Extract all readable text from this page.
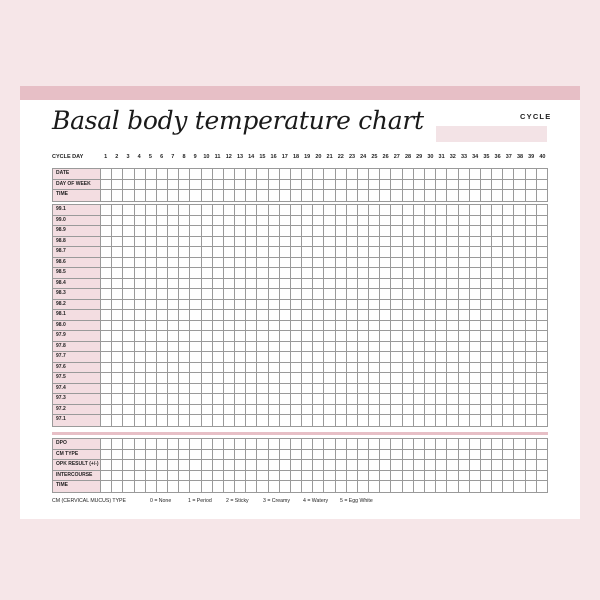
Basal body temperature chart	CYCLE
CYCLE DAY	1	2	3	4	5	6	7	8	9	10 11 12 13 14 15 16 17 18 19 20 21 22 23 24 25 26 27 28 29 30 31 32 33 34 35 36 37 38 39 40
DATE
DAY OF WEEK
TIME
99.1
99.0
98.9
98.8
98.7
98.6
98.5
98.4
98.3
98.2
98.1
98.0
97.9
97.8
97.7
97.6
97.5
97.4
97.3
97.2
97.1
DPO
CM TYPE
OPK RESULT (+/-)
INTERCOURSE
TIME
CM (CERVICAL MUCUS) TYPE	0 = None	1 = Period	2 = Sticky	3 = Creamy	4 = Watery 5 = Egg White
